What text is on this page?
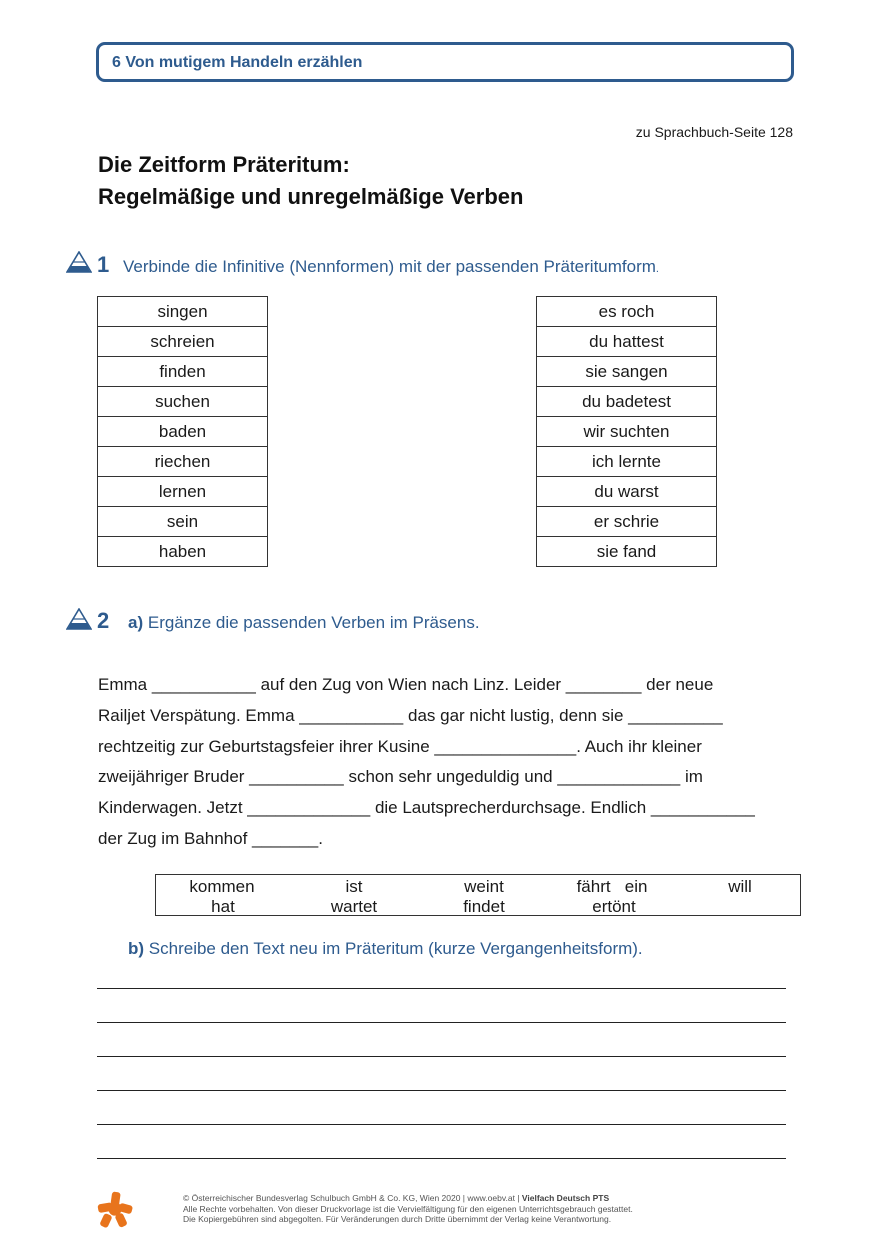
6 Von mutigem Handeln erzählen
zu Sprachbuch-Seite 128
Die Zeitform Präteritum:
Regelmäßige und unregelmäßige Verben
1 Verbinde die Infinitive (Nennformen) mit der passenden Präteritumform.
singen
schreien
finden
suchen
baden
riechen
lernen
sein
haben
es roch
du hattest
sie sangen
du badetest
wir suchten
ich lernte
du warst
er schrie
sie fand
2 a) Ergänze die passenden Verben im Präsens.
Emma ___________ auf den Zug von Wien nach Linz. Leider ________ der neue
Railjet Verspätung. Emma ___________ das gar nicht lustig, denn sie __________
rechtzeitig zur Geburtstagsfeier ihrer Kusine _______________. Auch ihr kleiner
zweijähriger Bruder __________ schon sehr ungeduldig und _____________ im
Kinderwagen. Jetzt _____________ die Lautsprecherdurchsage. Endlich ___________
der Zug im Bahnhof _______.
kommen	ist	weint	fährt   ein	will
hat	wartet	findet	ertönt
b) Schreibe den Text neu im Präteritum (kurze Vergangenheitsform).
© Österreichischer Bundesverlag Schulbuch GmbH & Co. KG, Wien 2020 | www.oebv.at | Vielfach Deutsch PTS
Alle Rechte vorbehalten. Von dieser Druckvorlage ist die Vervielfältigung für den eigenen Unterrichtsgebrauch gestattet.
Die Kopiergebühren sind abgegolten. Für Veränderungen durch Dritte übernimmt der Verlag keine Verantwortung.
